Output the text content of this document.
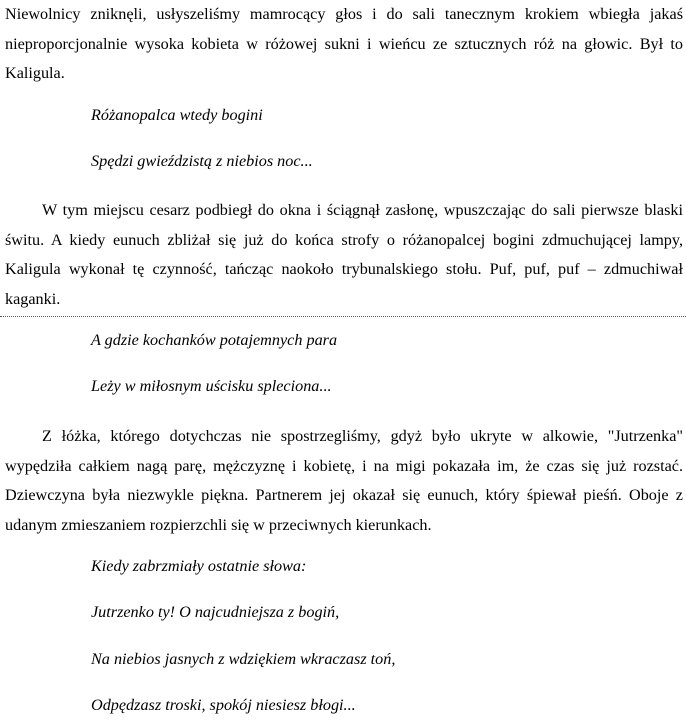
Niewolnicy zniknęli, usłyszeliśmy mamrocący głos i do sali tanecznym krokiem wbiegła jakaś nieproporcjonalnie wysoka kobieta w różowej sukni i wieńcu ze sztucznych róż na głowic. Był to Kaligula.

Różanopalca wtedy bogini

Spędzi gwieździstą z niebios noc...

W tym miejscu cesarz podbiegł do okna i ściągnął zasłonę, wpuszczając do sali pierwsze blaski świtu. A kiedy eunuch zbliżał się już do końca strofy o różanopalcej bogini zdmuchującej lampy, Kaligula wykonał tę czynność, tańcząc naokoło trybunalskiego stołu. Puf, puf, puf – zdmuchiwał kaganki.

A gdzie kochanków potajemnych para

Leży w miłosnym uścisku spleciona...

Z łóżka, którego dotychczas nie spostrzegliśmy, gdyż było ukryte w alkowie, "Jutrzenka" wypędziła całkiem nagą parę, mężczyznę i kobietę, i na migi pokazała im, że czas się już rozstać. Dziewczyna była niezwykle piękna. Partnerem jej okazał się eunuch, który śpiewał pieśń. Oboje z udanym zmieszaniem rozpierzchli się w przeciwnych kierunkach.

Kiedy zabrzmiały ostatnie słowa:

Jutrzenko ty! O najcudniejsza z bogiń,

Na niebios jasnych z wdziękiem wkraczasz toń,

Odpędzasz troski, spokój niesiesz błogi...
